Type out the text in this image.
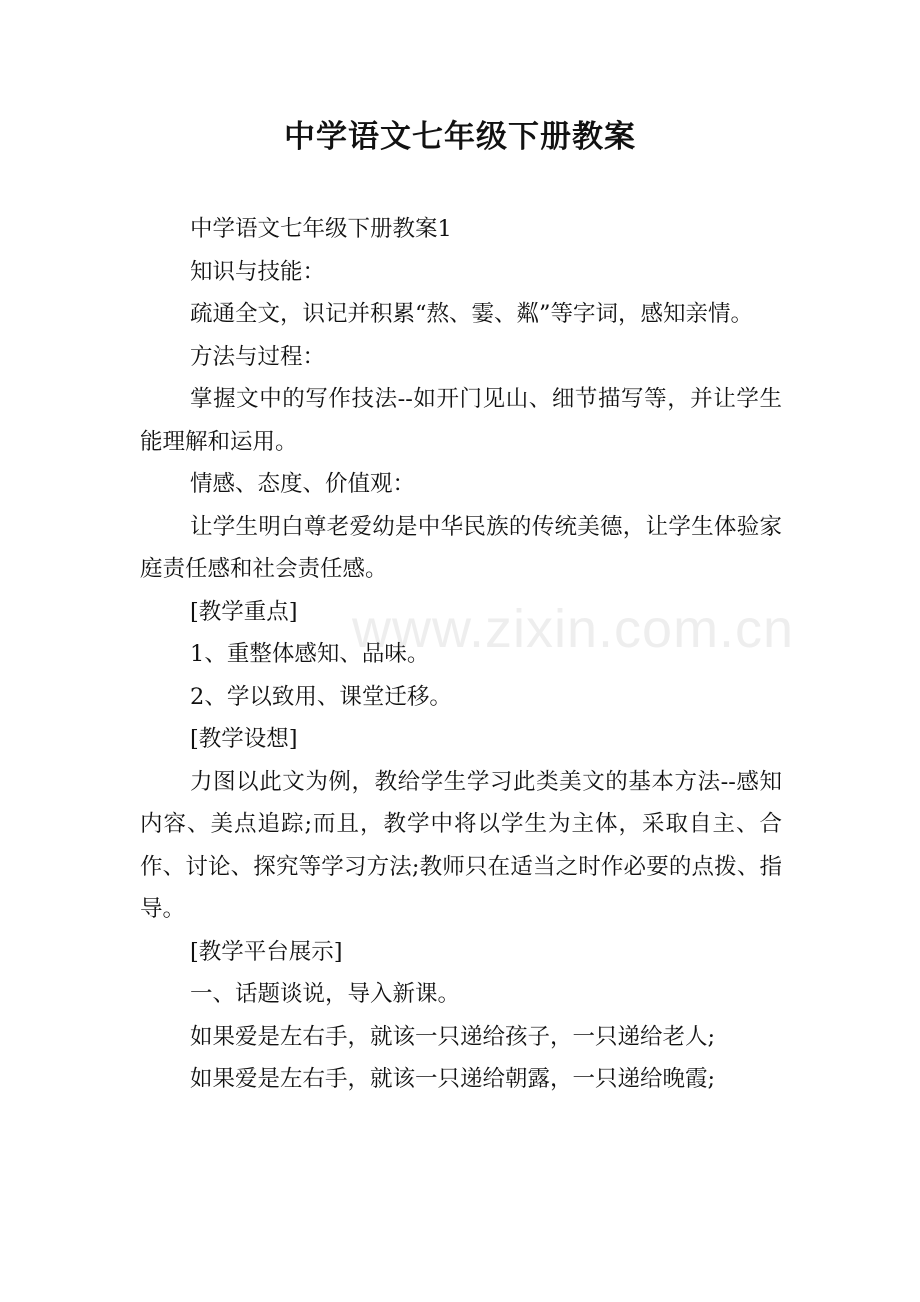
中学语文七年级下册教案

中学语文七年级下册教案1

知识与技能：

疏通全文，识记并积累“熬、霎、粼”等字词，感知亲情。

方法与过程：

掌握文中的写作技法--如开门见山、细节描写等，并让学生能理解和运用。

情感、态度、价值观：

让学生明白尊老爱幼是中华民族的传统美德，让学生体验家庭责任感和社会责任感。

[教学重点]

1、重整体感知、品味。

2、学以致用、课堂迁移。

[教学设想]

力图以此文为例，教给学生学习此类美文的基本方法--感知内容、美点追踪;而且，教学中将以学生为主体，采取自主、合作、讨论、探究等学习方法;教师只在适当之时作必要的点拨、指导。

[教学平台展示]

一、话题谈说，导入新课。

如果爱是左右手，就该一只递给孩子，一只递给老人;

如果爱是左右手，就该一只递给朝露，一只递给晚霞;

www.zixin.com.cn
